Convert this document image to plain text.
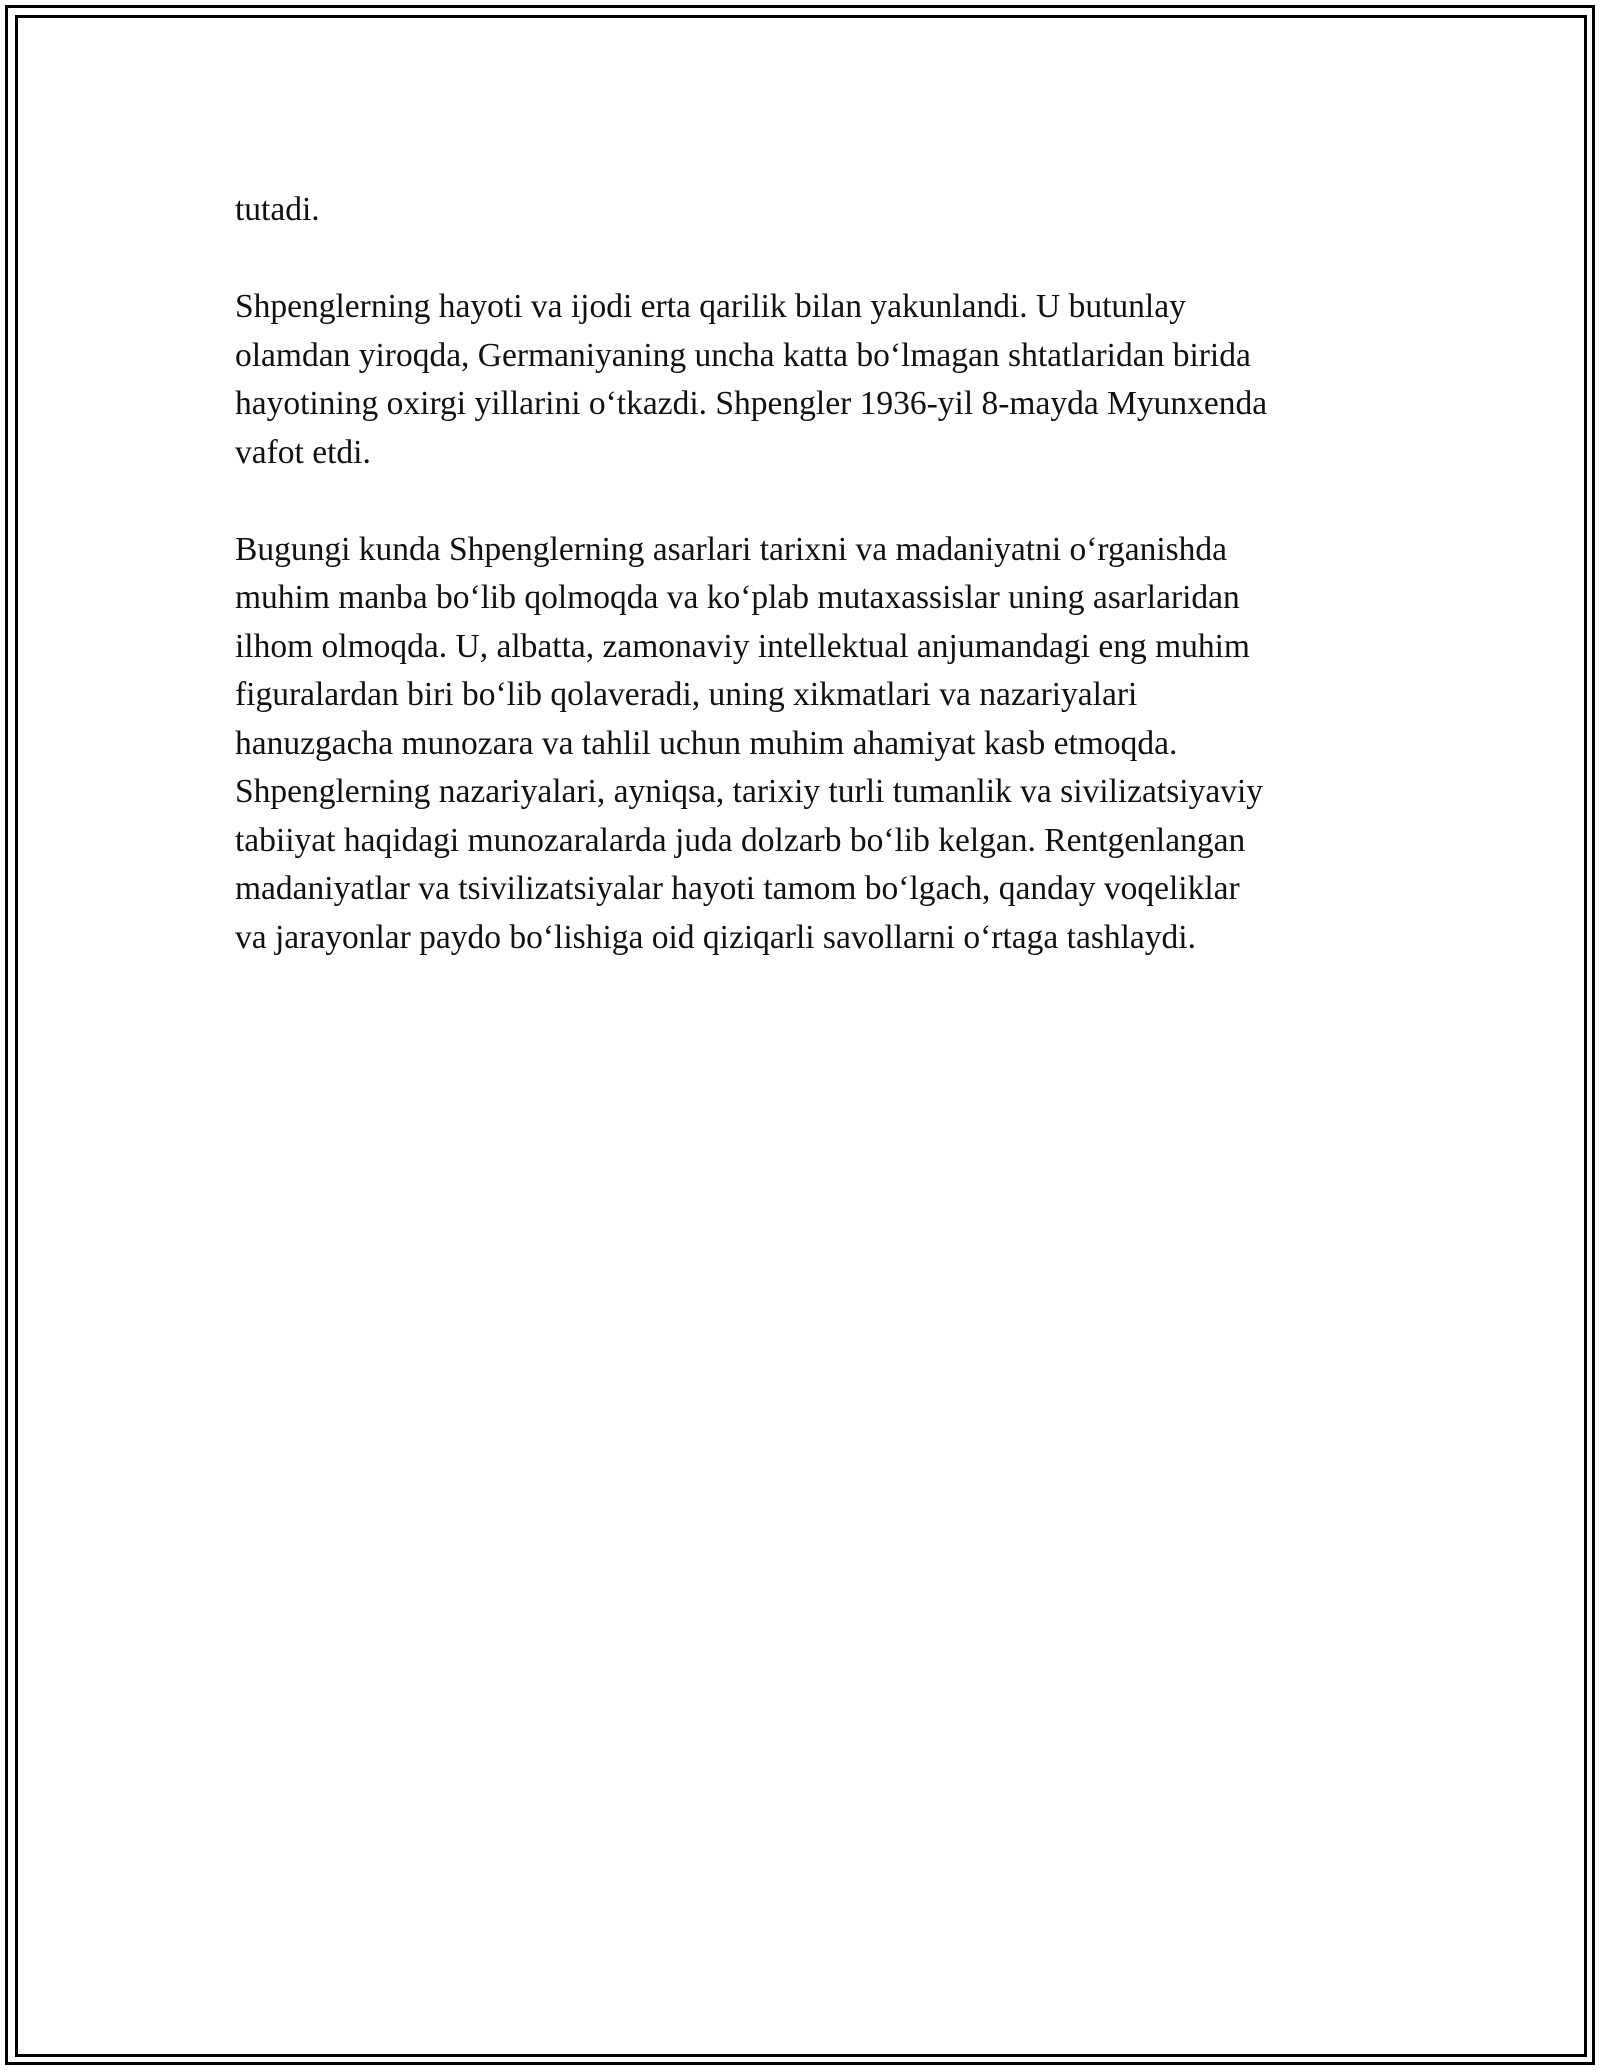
tutadi.

Shpenglerning hayoti va ijodi erta qarilik bilan yakunlandi. U butunlay
olamdan yiroqda, Germaniyaning uncha katta bo‘lmagan shtatlaridan birida
hayotining oxirgi yillarini o‘tkazdi. Shpengler 1936-yil 8-mayda Myunxenda
vafot etdi.

Bugungi kunda Shpenglerning asarlari tarixni va madaniyatni o‘rganishda
muhim manba bo‘lib qolmoqda va ko‘plab mutaxassislar uning asarlaridan
ilhom olmoqda. U, albatta, zamonaviy intellektual anjumandagi eng muhim
figuralardan biri bo‘lib qolaveradi, uning xikmatlari va nazariyalari
hanuzgacha munozara va tahlil uchun muhim ahamiyat kasb etmoqda.
Shpenglerning nazariyalari, ayniqsa, tarixiy turli tumanlik va sivilizatsiyaviy
tabiiyat haqidagi munozaralarda juda dolzarb bo‘lib kelgan. Rentgenlangan
madaniyatlar va tsivilizatsiyalar hayoti tamom bo‘lgach, qanday voqeliklar
va jarayonlar paydo bo‘lishiga oid qiziqarli savollarni o‘rtaga tashlaydi.
